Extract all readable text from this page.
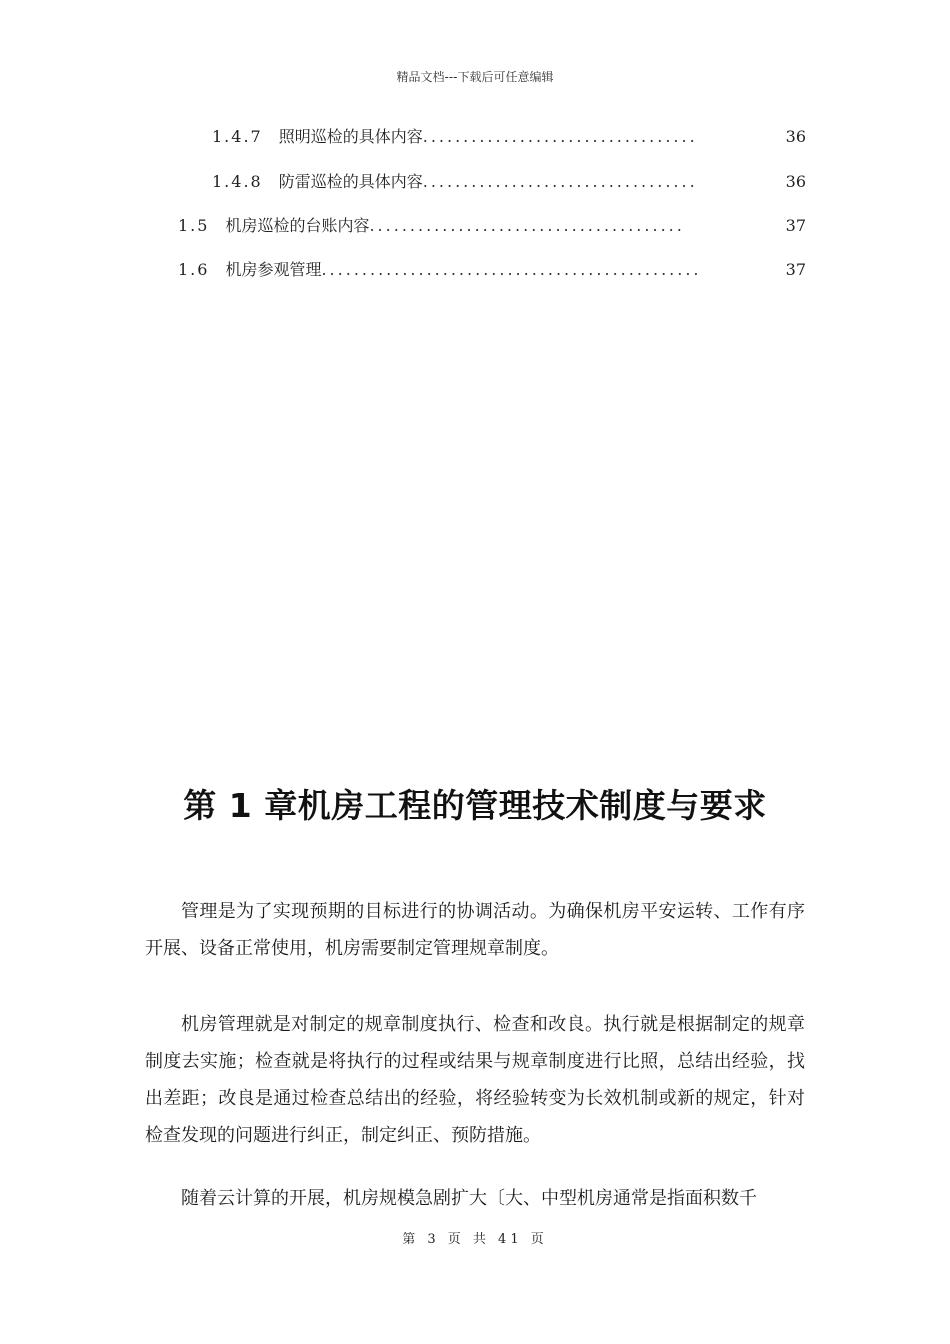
精品文档---下载后可任意编辑
1.4.7 照明巡检的具体内容 ..................................	36
1.4.8 防雷巡检的具体内容 ..................................	36
1.5 机房巡检的台账内容 .......................................	37
1.6 机房参观管理 ...............................................	37
第 1 章机房工程的管理技术制度与要求

管理是为了实现预期的目标进行的协调活动。为确保机房平安运转、工作有序开展、设备正常使用，机房需要制定管理规章制度。

机房管理就是对制定的规章制度执行、检查和改良。执行就是根据制定的规章制度去实施；检查就是将执行的过程或结果与规章制度进行比照，总结出经验，找出差距；改良是通过检查总结出的经验，将经验转变为长效机制或新的规定，针对检查发现的问题进行纠正，制定纠正、预防措施。

随着云计算的开展，机房规模急剧扩大〔大、中型机房通常是指面积数千

第 3 页 共 41 页
